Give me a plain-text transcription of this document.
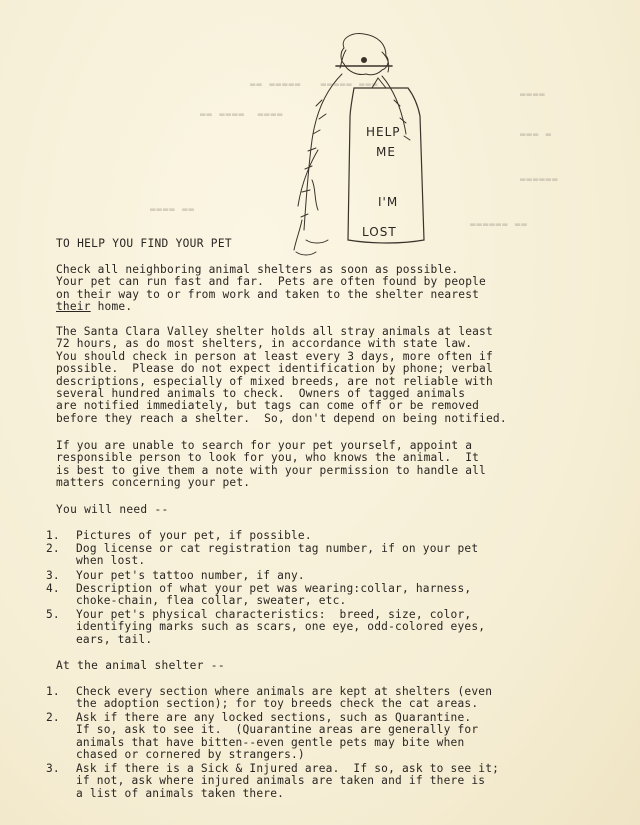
▬▬ ▬▬▬▬▬   ▬▬▬▬▬ ▬▬▬
▬▬▬▬
▬▬ ▬▬▬▬  ▬▬▬▬
▬▬▬ ▬
▬▬▬▬▬▬
▬▬▬▬ ▬▬
▬▬▬▬▬▬ ▬▬
HELP
ME
I'M
LOST
TO HELP YOU FIND YOUR PET
Check all neighboring animal shelters as soon as possible.
Your pet can run fast and far.  Pets are often found by people
on their way to or from work and taken to the shelter nearest
their home.
The Santa Clara Valley shelter holds all stray animals at least
72 hours, as do most shelters, in accordance with state law.
You should check in person at least every 3 days, more often if
possible.  Please do not expect identification by phone; verbal
descriptions, especially of mixed breeds, are not reliable with
several hundred animals to check.  Owners of tagged animals
are notified immediately, but tags can come off or be removed
before they reach a shelter.  So, don't depend on being notified.
If you are unable to search for your pet yourself, appoint a
responsible person to look for you, who knows the animal.  It
is best to give them a note with your permission to handle all
matters concerning your pet.
You will need --
1. Pictures of your pet, if possible.
2. Dog license or cat registration tag number, if on your pet
when lost.
3. Your pet's tattoo number, if any.
4. Description of what your pet was wearing:collar, harness,
choke-chain, flea collar, sweater, etc.
5. Your pet's physical characteristics:  breed, size, color,
identifying marks such as scars, one eye, odd-colored eyes,
ears, tail.
At the animal shelter --
1. Check every section where animals are kept at shelters (even
the adoption section); for toy breeds check the cat areas.
2. Ask if there are any locked sections, such as Quarantine.
If so, ask to see it.  (Quarantine areas are generally for
animals that have bitten--even gentle pets may bite when
chased or cornered by strangers.)
3. Ask if there is a Sick & Injured area.  If so, ask to see it;
if not, ask where injured animals are taken and if there is
a list of animals taken there.
